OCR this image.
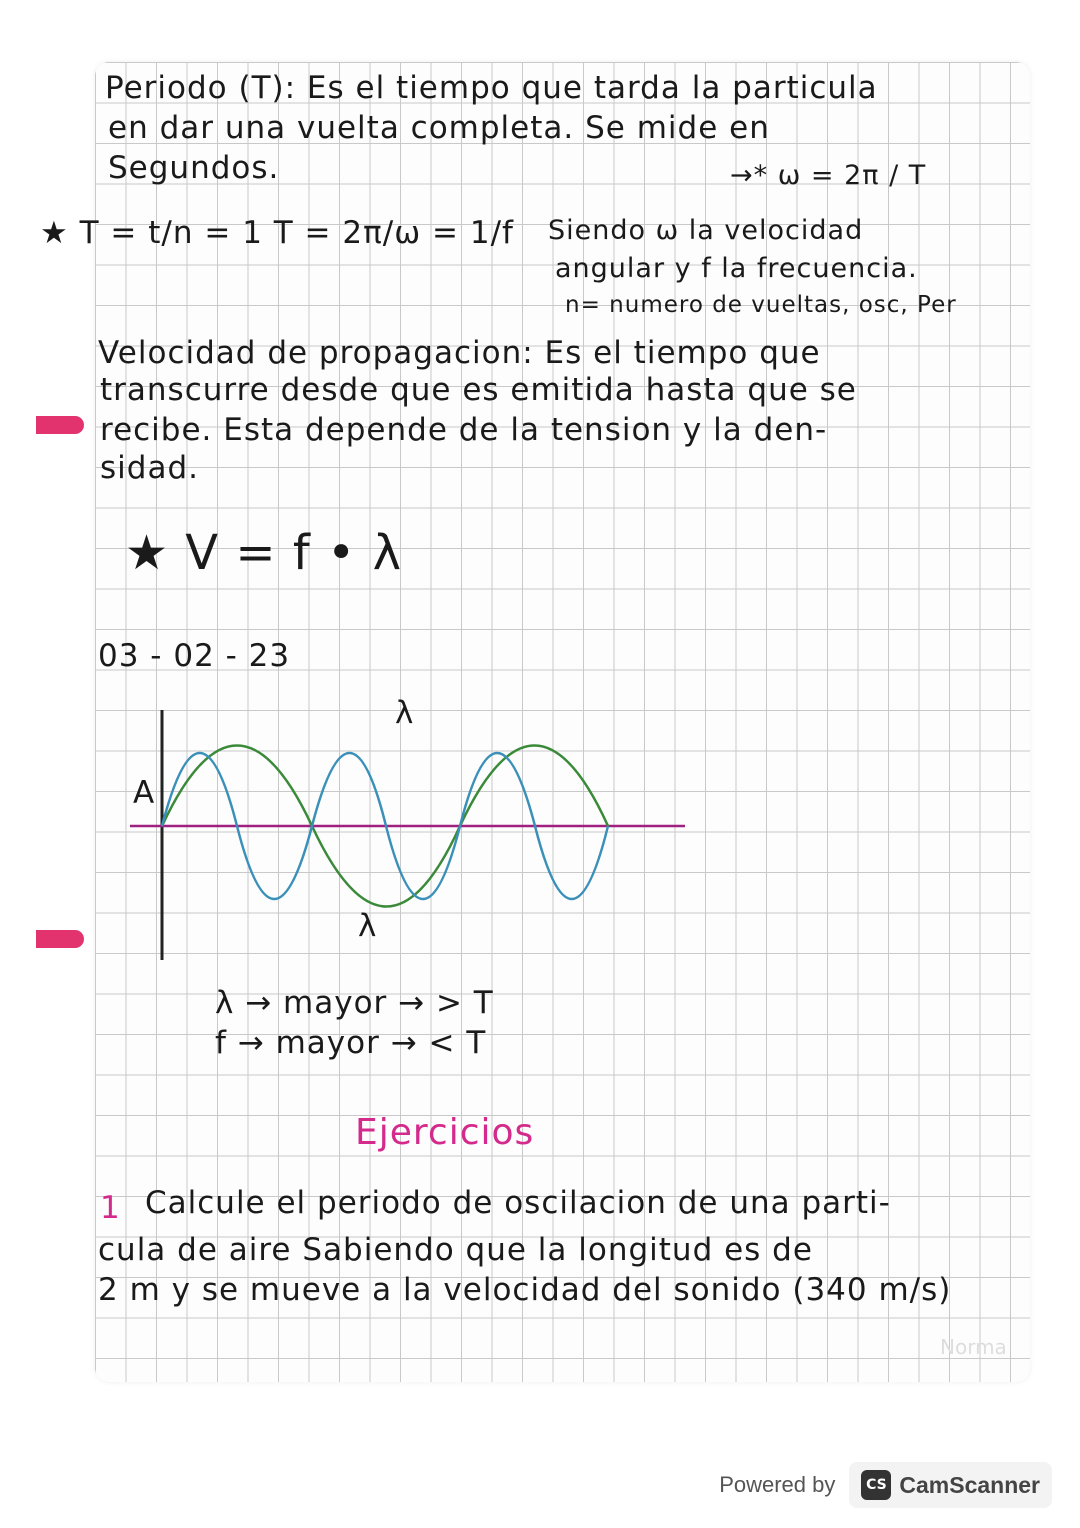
Periodo (T): Es el tiempo que tarda la particula
en dar una vuelta completa. Se mide en
Segundos.	→* ω = 2π / T
★ T = t/n = 1 T = 2π/ω = 1/f Siendo ω la velocidad
angular y f la frecuencia.
n= numero de vueltas, osc, Per
Velocidad de propagacion: Es el tiempo que
transcurre desde que es emitida hasta que se
recibe. Esta depende de la tension y la den-
sidad.
★ V = f • λ
03 - 02 - 23
λ
λ
A
λ → mayor → > T
f → mayor → < T
Ejercicios
1 Calcule el periodo de oscilacion de una parti-
cula de aire Sabiendo que la longitud es de
2 m y se mueve a la velocidad del sonido (340 m/s)
Norma
Powered by	CS CamScanner
